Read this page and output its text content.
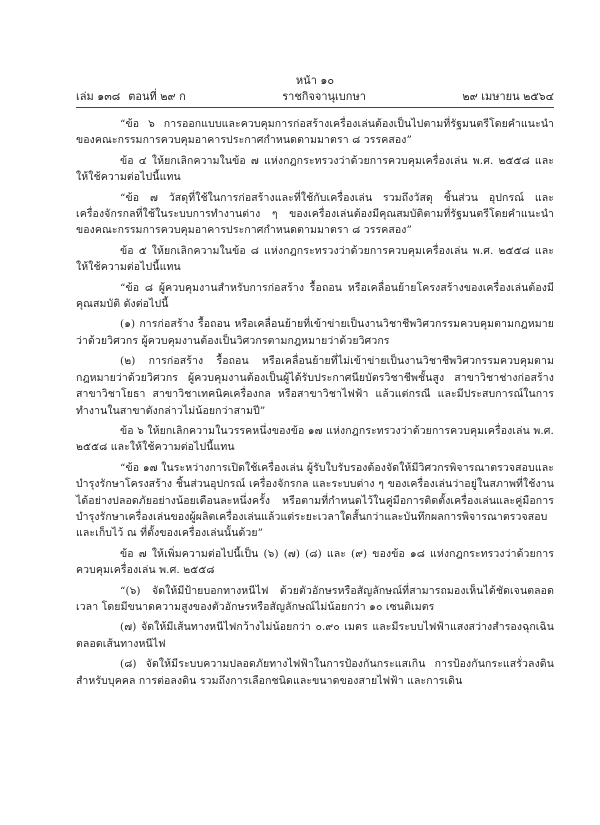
หน้า ๑๐
เล่ม ๑๓๘ ตอนที่ ๒๙ ก	ราชกิจจานุเบกษา	๒๙ เมษายน ๒๕๖๔

“ข้อ ๖ การออกแบบและควบคุมการก่อสร้างเครื่องเล่นต้องเป็นไปตามที่รัฐมนตรีโดยคำแนะนำของคณะกรรมการควบคุมอาคารประกาศกำหนดตามมาตรา ๘ วรรคสอง”

ข้อ ๔ ให้ยกเลิกความในข้อ ๗ แห่งกฎกระทรวงว่าด้วยการควบคุมเครื่องเล่น พ.ศ. ๒๕๕๘ และให้ใช้ความต่อไปนี้แทน

“ข้อ ๗ วัสดุที่ใช้ในการก่อสร้างและที่ใช้กับเครื่องเล่น รวมถึงวัสดุ ชิ้นส่วน อุปกรณ์ และเครื่องจักรกลที่ใช้ในระบบการทำงานต่าง ๆ ของเครื่องเล่นต้องมีคุณสมบัติตามที่รัฐมนตรีโดยคำแนะนำของคณะกรรมการควบคุมอาคารประกาศกำหนดตามมาตรา ๘ วรรคสอง”

ข้อ ๕ ให้ยกเลิกความในข้อ ๘ แห่งกฎกระทรวงว่าด้วยการควบคุมเครื่องเล่น พ.ศ. ๒๕๕๘ และให้ใช้ความต่อไปนี้แทน

“ข้อ ๘ ผู้ควบคุมงานสำหรับการก่อสร้าง รื้อถอน หรือเคลื่อนย้ายโครงสร้างของเครื่องเล่นต้องมีคุณสมบัติ ดังต่อไปนี้

(๑) การก่อสร้าง รื้อถอน หรือเคลื่อนย้ายที่เข้าข่ายเป็นงานวิชาชีพวิศวกรรมควบคุมตามกฎหมายว่าด้วยวิศวกร ผู้ควบคุมงานต้องเป็นวิศวกรตามกฎหมายว่าด้วยวิศวกร

(๒) การก่อสร้าง รื้อถอน หรือเคลื่อนย้ายที่ไม่เข้าข่ายเป็นงานวิชาชีพวิศวกรรมควบคุมตามกฎหมายว่าด้วยวิศวกร ผู้ควบคุมงานต้องเป็นผู้ได้รับประกาศนียบัตรวิชาชีพชั้นสูง สาขาวิชาช่างก่อสร้าง สาขาวิชาโยธา สาขาวิชาเทคนิคเครื่องกล หรือสาขาวิชาไฟฟ้า แล้วแต่กรณี และมีประสบการณ์ในการทำงานในสาขาดังกล่าวไม่น้อยกว่าสามปี”

ข้อ ๖ ให้ยกเลิกความในวรรคหนึ่งของข้อ ๑๗ แห่งกฎกระทรวงว่าด้วยการควบคุมเครื่องเล่น พ.ศ. ๒๕๕๘ และให้ใช้ความต่อไปนี้แทน

“ข้อ ๑๗ ในระหว่างการเปิดใช้เครื่องเล่น ผู้รับใบรับรองต้องจัดให้มีวิศวกรพิจารณาตรวจสอบและบำรุงรักษาโครงสร้าง ชิ้นส่วนอุปกรณ์ เครื่องจักรกล และระบบต่าง ๆ ของเครื่องเล่นว่าอยู่ในสภาพที่ใช้งานได้อย่างปลอดภัยอย่างน้อยเดือนละหนึ่งครั้ง หรือตามที่กำหนดไว้ในคู่มือการติดตั้งเครื่องเล่นและคู่มือการบำรุงรักษาเครื่องเล่นของผู้ผลิตเครื่องเล่นแล้วแต่ระยะเวลาใดสั้นกว่าและบันทึกผลการพิจารณาตรวจสอบและเก็บไว้ ณ ที่ตั้งของเครื่องเล่นนั้นด้วย”

ข้อ ๗ ให้เพิ่มความต่อไปนี้เป็น (๖) (๗) (๘) และ (๙) ของข้อ ๑๘ แห่งกฎกระทรวงว่าด้วยการควบคุมเครื่องเล่น พ.ศ. ๒๕๕๘

“(๖) จัดให้มีป้ายบอกทางหนีไฟ ด้วยตัวอักษรหรือสัญลักษณ์ที่สามารถมองเห็นได้ชัดเจนตลอดเวลา โดยมีขนาดความสูงของตัวอักษรหรือสัญลักษณ์ไม่น้อยกว่า ๑๐ เซนติเมตร

(๗) จัดให้มีเส้นทางหนีไฟกว้างไม่น้อยกว่า ๐.๙๐ เมตร และมีระบบไฟฟ้าแสงสว่างสำรองฉุกเฉินตลอดเส้นทางหนีไฟ

(๘) จัดให้มีระบบความปลอดภัยทางไฟฟ้าในการป้องกันกระแสเกิน การป้องกันกระแสรั่วลงดินสำหรับบุคคล การต่อลงดิน รวมถึงการเลือกชนิดและขนาดของสายไฟฟ้า และการเดิน
